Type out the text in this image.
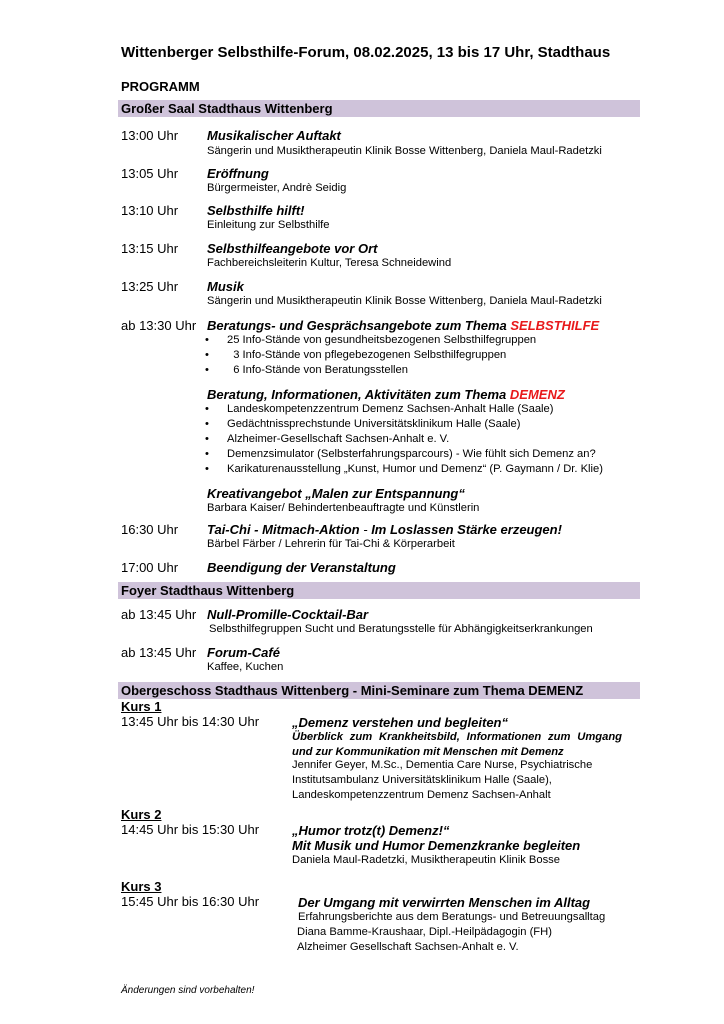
Wittenberger Selbsthilfe-Forum, 08.02.2025, 13 bis 17 Uhr, Stadthaus
PROGRAMM
Großer Saal Stadthaus Wittenberg
13:00 Uhr Musikalischer Auftakt
Sängerin und Musiktherapeutin Klinik Bosse Wittenberg, Daniela Maul-Radetzki
13:05 Uhr Eröffnung
Bürgermeister, Andrè Seidig
13:10 Uhr Selbsthilfe hilft!
Einleitung zur Selbsthilfe
13:15 Uhr Selbsthilfeangebote vor Ort
Fachbereichsleiterin Kultur, Teresa Schneidewind
13:25 Uhr Musik
Sängerin und Musiktherapeutin Klinik Bosse Wittenberg, Daniela Maul-Radetzki
ab 13:30 Uhr Beratungs- und Gesprächsangebote zum Thema SELBSTHILFE
• 25 Info-Stände von gesundheitsbezogenen Selbsthilfegruppen
•  3 Info-Stände von pflegebezogenen Selbsthilfegruppen
•  6 Info-Stände von Beratungsstellen
Beratung, Informationen, Aktivitäten zum Thema DEMENZ
• Landeskompetenzzentrum Demenz Sachsen-Anhalt Halle (Saale)
• Gedächtnissprechstunde Universitätsklinikum Halle (Saale)
• Alzheimer-Gesellschaft Sachsen-Anhalt e. V.
• Demenzsimulator (Selbsterfahrungsparcours) - Wie fühlt sich Demenz an?
• Karikaturenausstellung „Kunst, Humor und Demenz“ (P. Gaymann / Dr. Klie)
Kreativangebot „Malen zur Entspannung“
Barbara Kaiser/ Behindertenbeauftragte und Künstlerin
16:30 Uhr Tai-Chi - Mitmach-Aktion - Im Loslassen Stärke erzeugen!
Bärbel Färber / Lehrerin für Tai-Chi & Körperarbeit
17:00 Uhr Beendigung der Veranstaltung
Foyer Stadthaus Wittenberg
ab 13:45 Uhr Null-Promille-Cocktail-Bar
Selbsthilfegruppen Sucht und Beratungsstelle für Abhängigkeitserkrankungen
ab 13:45 Uhr Forum-Café
Kaffee, Kuchen
Obergeschoss Stadthaus Wittenberg - Mini-Seminare zum Thema DEMENZ
Kurs 1
13:45 Uhr bis 14:30 Uhr	„Demenz verstehen und begleiten“
Überblick zum Krankheitsbild, Informationen zum Umgang und zur Kommunikation mit Menschen mit Demenz
Jennifer Geyer, M.Sc., Dementia Care Nurse, Psychiatrische
Institutsambulanz Universitätsklinikum Halle (Saale),
Landeskompetenzzentrum Demenz Sachsen-Anhalt
Kurs 2
14:45 Uhr bis 15:30 Uhr	„Humor trotz(t) Demenz!“
Mit Musik und Humor Demenzkranke begleiten
Daniela Maul-Radetzki, Musiktherapeutin Klinik Bosse
Kurs 3
15:45 Uhr bis 16:30 Uhr	Der Umgang mit verwirrten Menschen im Alltag
Erfahrungsberichte aus dem Beratungs- und Betreuungsalltag
Diana Bamme-Kraushaar, Dipl.-Heilpädagogin (FH)
Alzheimer Gesellschaft Sachsen-Anhalt e. V.
Änderungen sind vorbehalten!
